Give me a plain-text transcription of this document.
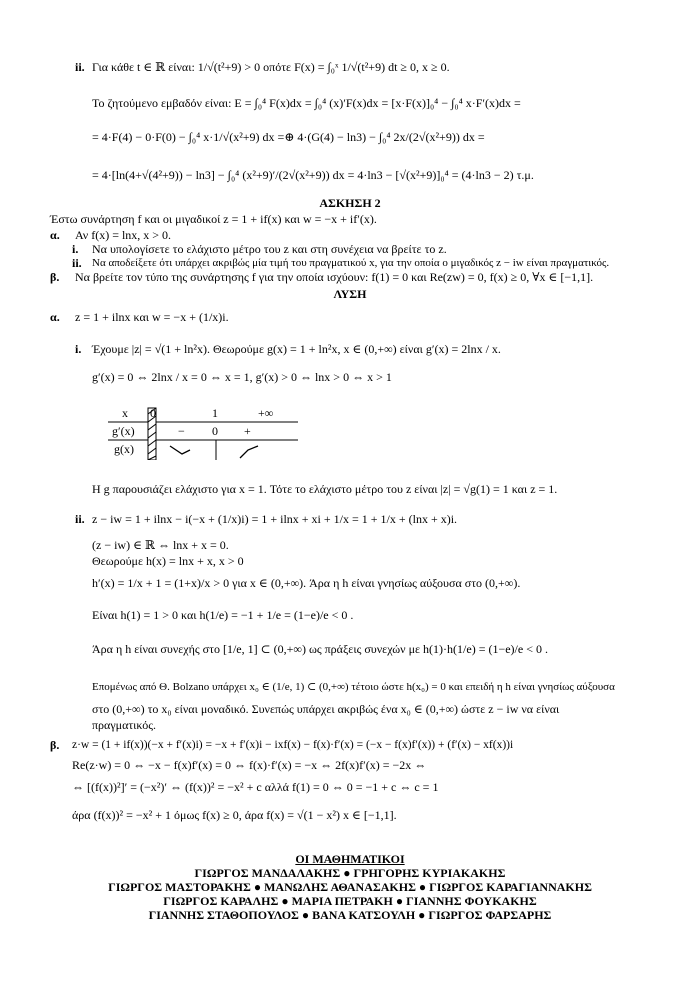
ii. Για κάθε t ∈ ℝ είναι: 1/√(t²+9) > 0 οπότε F(x) = ∫₀ˣ 1/√(t²+9) dt ≥ 0, x ≥ 0.
Το ζητούμενο εμβαδόν είναι: E = ∫₀⁴ F(x)dx = ∫₀⁴ (x)′F(x)dx = [x·F(x)]₀⁴ − ∫₀⁴ x·F′(x)dx =
= 4·F(4) − 0·F(0) − ∫₀⁴ x·1/√(x²+9) dx =⊕ 4·(G(4) − ln3) − ∫₀⁴ 2x/(2√(x²+9)) dx =
= 4·[ln(4+√(4²+9)) − ln3] − ∫₀⁴ (x²+9)′/(2√(x²+9)) dx = 4·ln3 − [√(x²+9)]₀⁴ = (4·ln3 − 2) τ.μ.
ΑΣΚΗΣΗ 2
Έστω συνάρτηση f και οι μιγαδικοί z = 1 + if(x) και w = −x + if′(x).
α. Αν f(x) = lnx, x > 0.
i. Να υπολογίσετε το ελάχιστο μέτρο του z και στη συνέχεια να βρείτε το z.
ii. Να αποδείξετε ότι υπάρχει ακριβώς μία τιμή του πραγματικού x, για την οποία ο μιγαδικός z − iw είναι πραγματικός.
β. Να βρείτε τον τύπο της συνάρτησης f για την οποία ισχύουν: f(1) = 0 και Re(zw) = 0, f(x) ≥ 0, ∀x ∈ [−1,1].
ΛΥΣΗ
α. z = 1 + ilnx και w = −x + (1/x)i.
i. Έχουμε |z| = √(1 + ln²x). Θεωρούμε g(x) = 1 + ln²x, x ∈ (0,+∞) είναι g′(x) = 2lnx / x.
g′(x) = 0 ⇔ 2lnx / x = 0 ⇔ x = 1, g′(x) > 0 ⇔ lnx > 0 ⇔ x > 1
x 0	1	+∞
g′(x)	− 0 +
g(x)
Η g παρουσιάζει ελάχιστο για x = 1. Τότε το ελάχιστο μέτρο του z είναι |z| = √g(1) = 1 και z = 1.
ii. z − iw = 1 + ilnx − i(−x + (1/x)i) = 1 + ilnx + xi + 1/x = 1 + 1/x + (lnx + x)i.
(z − iw) ∈ ℝ ⇔ lnx + x = 0.
Θεωρούμε h(x) = lnx + x, x > 0
h′(x) = 1/x + 1 = (1+x)/x > 0 για x ∈ (0,+∞). Άρα η h είναι γνησίως αύξουσα στο (0,+∞).
Είναι h(1) = 1 > 0 και h(1/e) = −1 + 1/e = (1−e)/e < 0 .
Άρα η h είναι συνεχής στο [1/e, 1] ⊂ (0,+∞) ως πράξεις συνεχών με h(1)·h(1/e) = (1−e)/e < 0 .
Επομένως από Θ. Bolzano υπάρχει x₀ ∈ (1/e, 1) ⊂ (0,+∞) τέτοιο ώστε h(x₀) = 0 και επειδή η h είναι γνησίως αύξουσα
στο (0,+∞) το x₀ είναι μοναδικό. Συνεπώς υπάρχει ακριβώς ένα x₀ ∈ (0,+∞) ώστε z − iw να είναι
πραγματικός.
β. z·w = (1 + if(x))(−x + f′(x)i) = −x + f′(x)i − ixf(x) − f(x)·f′(x) = (−x − f(x)f′(x)) + (f′(x) − xf(x))i
Re(z·w) = 0 ⇔ −x − f(x)f′(x) = 0 ⇔ f(x)·f′(x) = −x ⇔ 2f(x)f′(x) = −2x ⇔
⇔ [(f(x))²]′ = (−x²)′ ⇔ (f(x))² = −x² + c αλλά f(1) = 0 ⇔ 0 = −1 + c ⇔ c = 1
άρα (f(x))² = −x² + 1 όμως f(x) ≥ 0, άρα f(x) = √(1 − x²) x ∈ [−1,1].
ΟΙ ΜΑΘΗΜΑΤΙΚΟΙ
ΓΙΩΡΓΟΣ ΜΑΝΔΑΛΑΚΗΣ ● ΓΡΗΓΟΡΗΣ ΚΥΡΙΑΚΑΚΗΣ
ΓΙΩΡΓΟΣ ΜΑΣΤΟΡΑΚΗΣ ● ΜΑΝΩΛΗΣ ΑΘΑΝΑΣΑΚΗΣ ● ΓΙΩΡΓΟΣ ΚΑΡΑΓΙΑΝΝΑΚΗΣ
ΓΙΩΡΓΟΣ ΚΑΡΑΛΗΣ ● ΜΑΡΙΑ ΠΕΤΡΑΚΗ ● ΓΙΑΝΝΗΣ ΦΟΥΚΑΚΗΣ
ΓΙΑΝΝΗΣ ΣΤΑΘΟΠΟΥΛΟΣ ● ΒΑΝΑ ΚΑΤΣΟΥΛΗ ● ΓΙΩΡΓΟΣ ΦΑΡΣΑΡΗΣ
